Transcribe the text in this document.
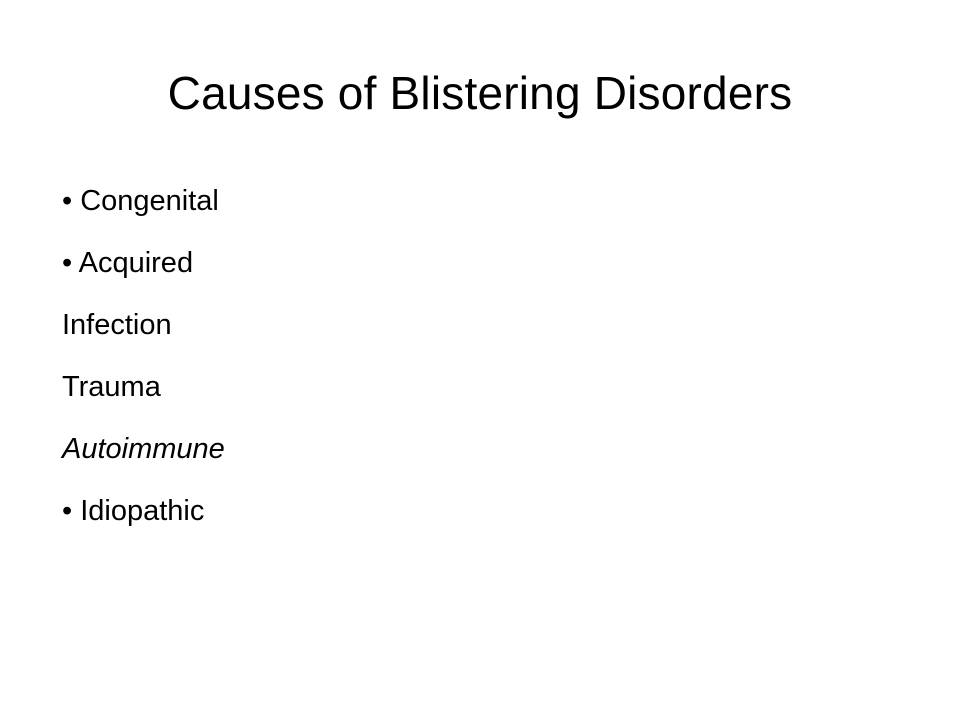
Causes of Blistering Disorders
• Congenital
• Acquired
Infection
Trauma
Autoimmune
• Idiopathic
